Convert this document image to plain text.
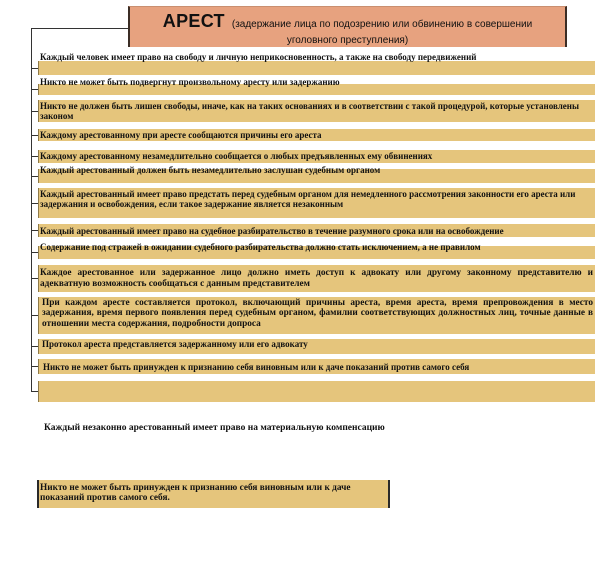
АРЕСТ (задержание лица по подозрению или обвинению в совершении
уголовного преступления)
Каждый человек имеет право на свободу и личную неприкосновенность, а также на свободу передвижений
Никто не может быть подвергнут произвольному аресту или задержанию
Никто не должен быть лишен свободы, иначе, как на таких основаниях и в соответствии с такой процедурой, которые установлены законом
Каждому арестованному при аресте сообщаются причины его ареста
Каждому арестованному незамедлительно сообщается о любых предъявленных ему обвинениях
Каждый арестованный должен быть незамедлительно заслушан судебным органом
Каждый арестованный имеет право предстать перед судебным органом для немедленного рассмотрения законности его ареста или задержания и освобождения, если такое задержание является незаконным
Каждый арестованный имеет право на судебное разбирательство в течение разумного срока или на освобождение
Содержание под стражей в ожидании судебного разбирательства должно стать исключением, а не правилом
Каждое арестованное или задержанное лицо должно иметь доступ к адвокату или другому законному представителю и адекватную возможность сообщаться с данным представителем
При каждом аресте составляется протокол, включающий причины ареста, время ареста, время препровождения в место задержания, время первого появления перед судебным органом, фамилии соответствующих должностных лиц, точные данные в отношении места содержания, подробности допроса
Протокол ареста представляется задержанному или его адвокату
Никто не может быть принужден к признанию себя виновным или к даче показаний против самого себя
Каждый незаконно арестованный имеет право на материальную компенсацию
Никто не может быть принужден к признанию себя виновным или к даче показаний против самого себя.
